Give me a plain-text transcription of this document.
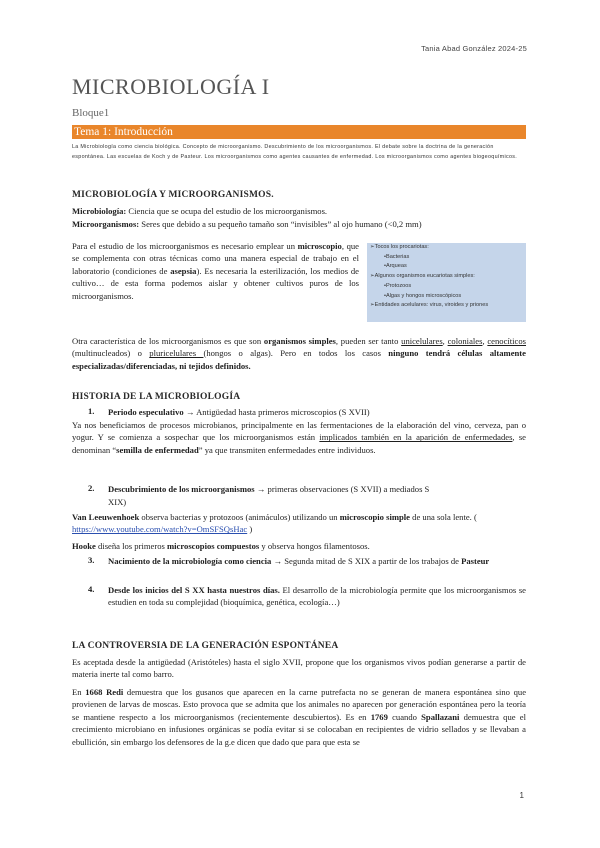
Tania Abad González 2024-25
MICROBIOLOGÍA I
Bloque1
Tema 1: Introducción
La Microbiología como ciencia biológica. Concepto de microorganismo. Descubrimiento de los microorganismos. El debate sobre la doctrina de la generación espontánea. Las escuelas de Koch y de Pasteur. Los microorganismos como agentes causantes de enfermedad. Los microorganismos como agentes biogeoquímicos.
MICROBIOLOGÍA Y MICROORGANISMOS.
Microbiología: Ciencia que se ocupa del estudio de los microorganismos.
Microorganismos: Seres que debido a su pequeño tamaño son “invisibles” al ojo humano (<0,2 mm)
Para el estudio de los microorganismos es necesario emplear un microscopio, que se complementa con otras técnicas como una manera especial de trabajo en el laboratorio (condiciones de asepsia). Es necesaria la esterilización, los medios de cultivo… de esta forma podemos aislar y obtener cultivos puros de los microorganismos.
➢Tocos los procariotas:
•Bacterias
•Arqueas
➢Algunos organismos eucariotas simples:
•Protozoos
•Algas y hongos microscópicos
➢Entidades acelulares: virus, viroides y priones
Otra característica de los microorganismos es que son organismos simples, pueden ser tanto unicelulares, coloniales, cenocíticos (multinucleados) o pluricelulares (hongos o algas). Pero en todos los casos ninguno tendrá células altamente especializadas/diferenciadas, ni tejidos definidos.
HISTORIA DE LA MICROBIOLOGÍA
1. Periodo especulativo → Antigüedad hasta primeros microscopios (S XVII)
Ya nos beneficiamos de procesos microbianos, principalmente en las fermentaciones de la elaboración del vino, cerveza, pan o yogur. Y se comienza a sospechar que los microorganismos están implicados también en la aparición de enfermedades, se denominan “semilla de enfermedad” ya que transmiten enfermedades entre individuos.
2. Descubrimiento de los microorganismos → primeras observaciones (S XVII) a mediados S
XIX)
Van Leeuwenhoek observa bacterias y protozoos (animáculos) utilizando un microscopio simple de una sola lente. ( https://www.youtube.com/watch?v=OmSFSQsHac )
Hooke diseña los primeros microscopios compuestos y observa hongos filamentosos.
3. Nacimiento de la microbiología como ciencia → Segunda mitad de S XIX a partir de los trabajos de Pasteur
4. Desde los inicios del S XX hasta nuestros días. El desarrollo de la microbiología permite que los microorganismos se estudien en toda su complejidad (bioquímica, genética, ecología…)
LA CONTROVERSIA DE LA GENERACIÓN ESPONTÁNEA
Es aceptada desde la antigüedad (Aristóteles) hasta el siglo XVII, propone que los organismos vivos podían generarse a partir de materia inerte tal como barro.
En 1668 Redi demuestra que los gusanos que aparecen en la carne putrefacta no se generan de manera espontánea sino que provienen de larvas de moscas. Esto provoca que se admita que los animales no aparecen por generación espontánea pero la teoría se mantiene respecto a los microorganismos (recientemente descubiertos). Es en 1769 cuando Spallazani demuestra que el crecimiento microbiano en infusiones orgánicas se podía evitar si se colocaban en recipientes de vidrio sellados y se llevaban a ebullición, sin embargo los defensores de la g.e dicen que dado que para que esta se
1
